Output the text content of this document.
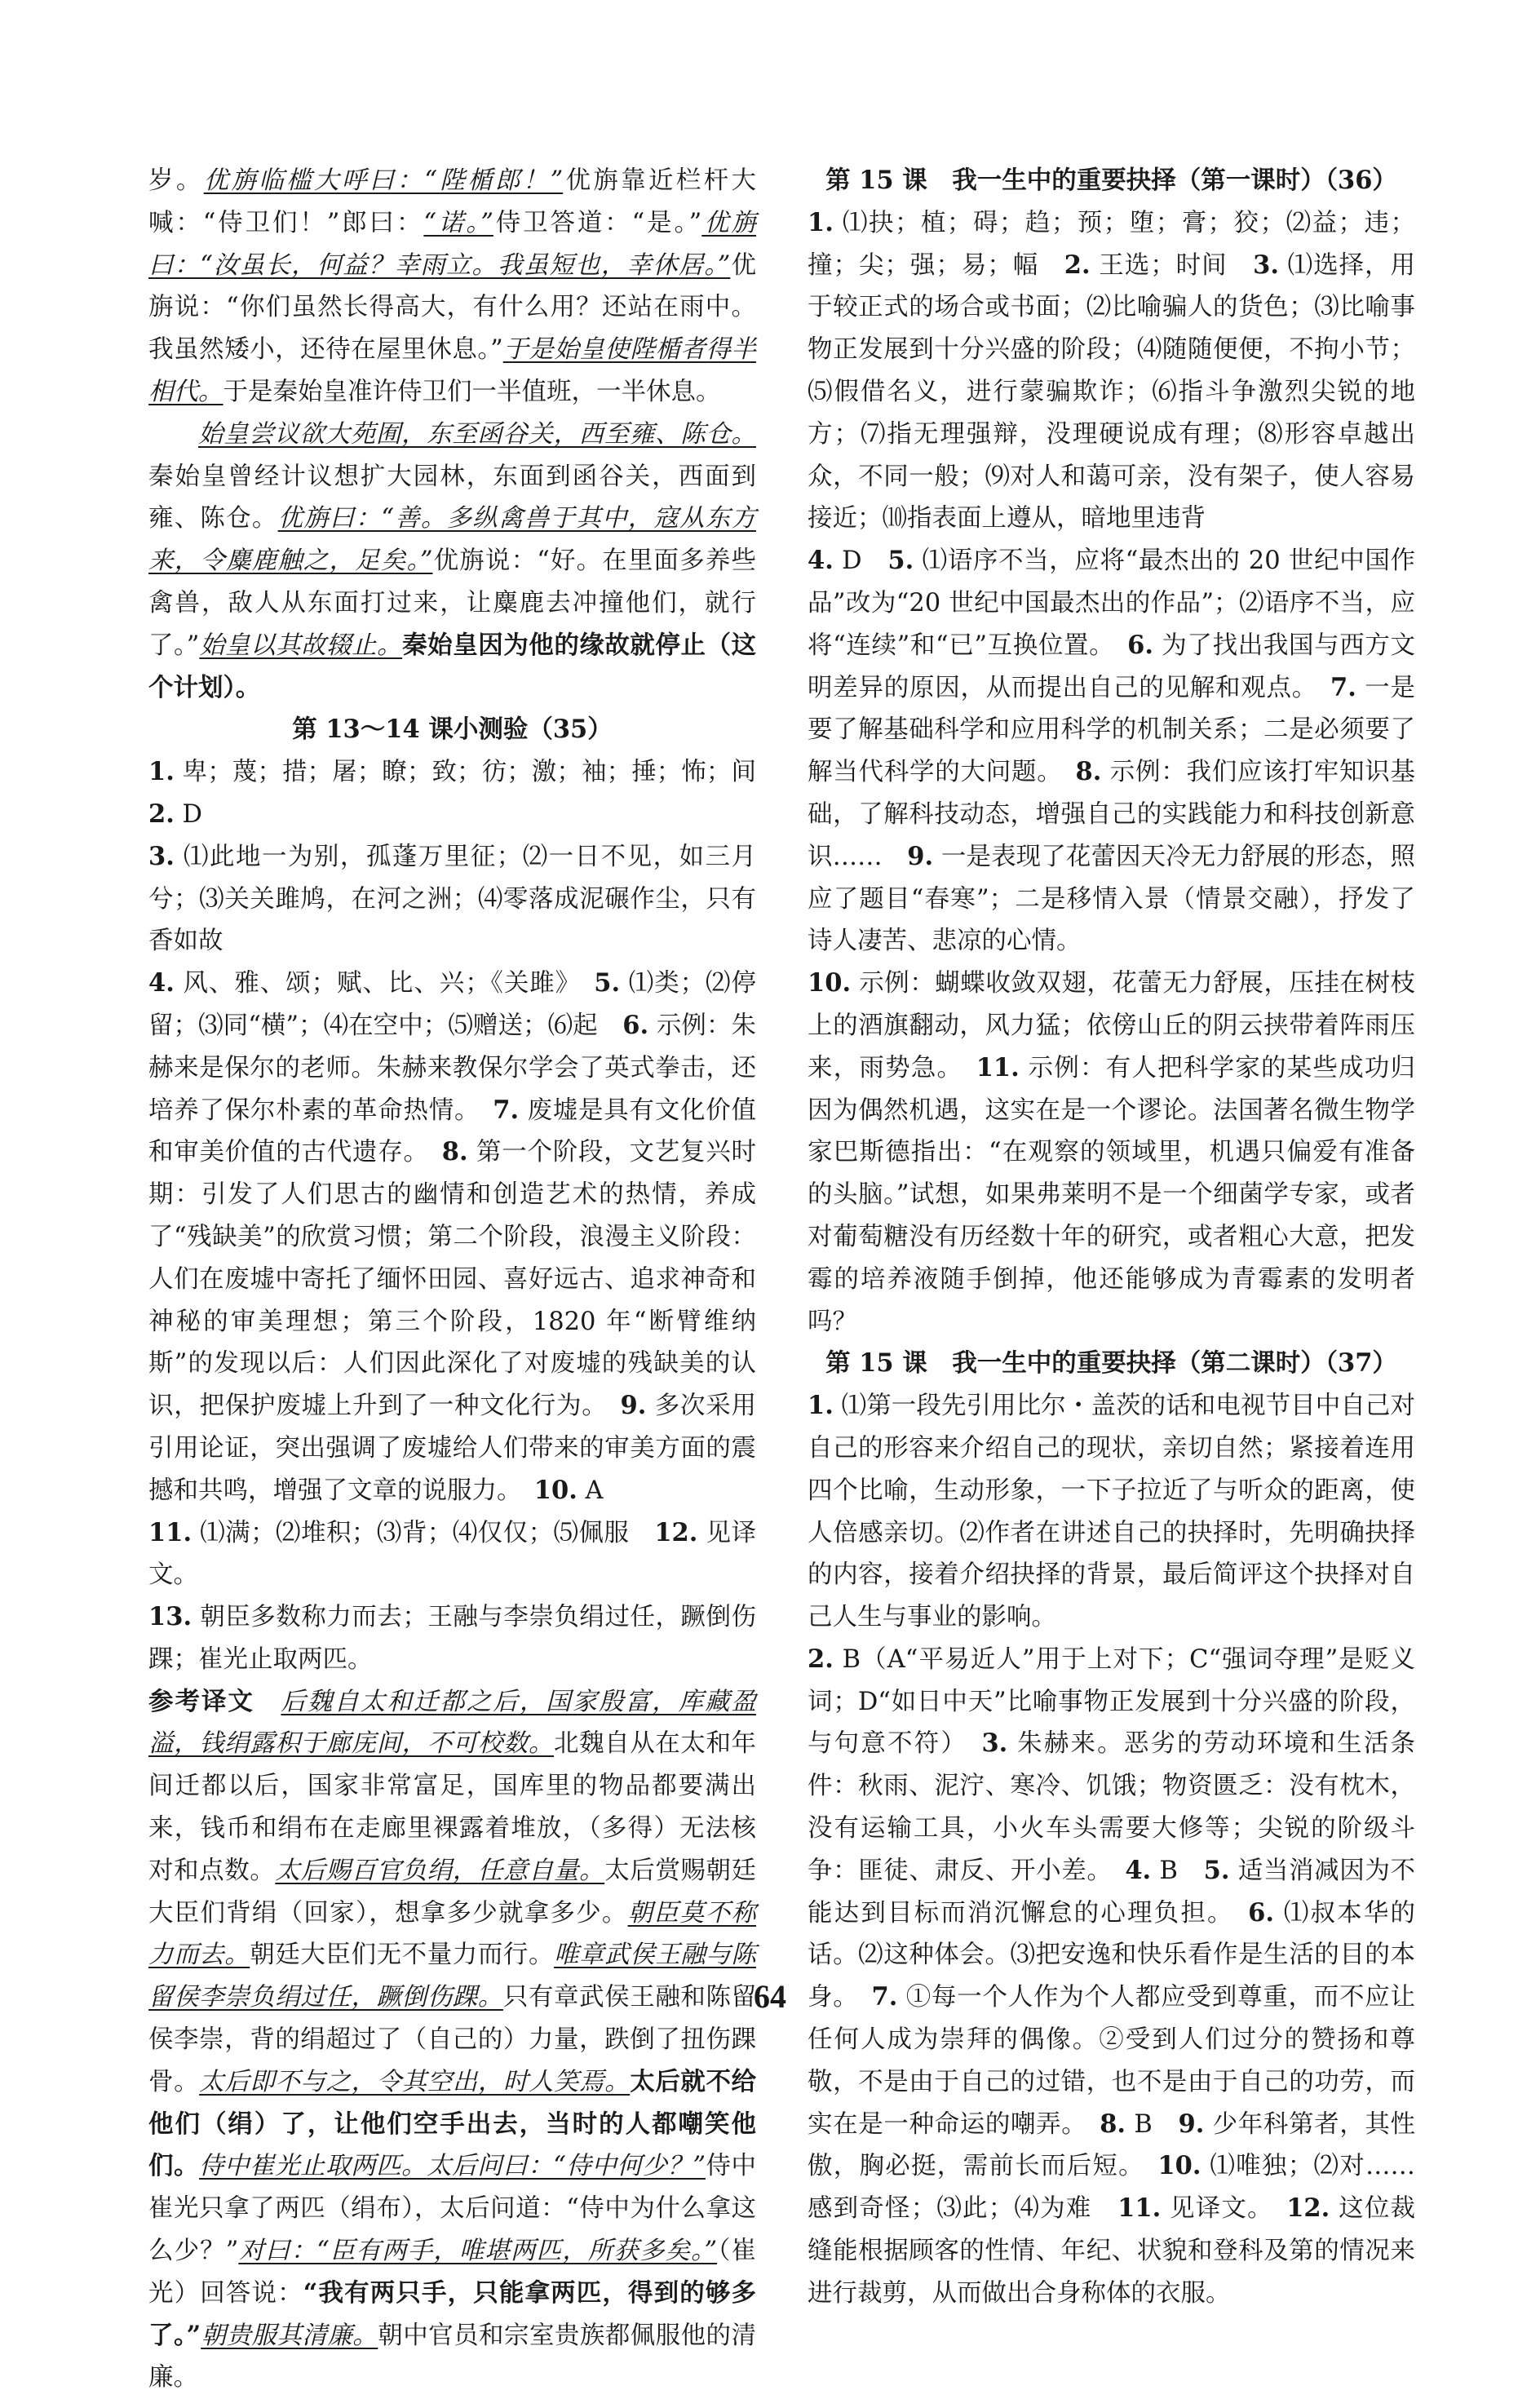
岁。优旃临槛大呼曰：“陛楯郎！”优旃靠近栏杆大喊：“侍卫们！”郎曰：“诺。”侍卫答道：“是。”优旃曰：“汝虽长，何益？幸雨立。我虽短也，幸休居。”优旃说：“你们虽然长得高大，有什么用？还站在雨中。我虽然矮小，还待在屋里休息。”于是始皇使陛楯者得半相代。于是秦始皇准许侍卫们一半值班，一半休息。

始皇尝议欲大苑囿，东至函谷关，西至雍、陈仓。秦始皇曾经计议想扩大园林，东面到函谷关，西面到雍、陈仓。优旃曰：“善。多纵禽兽于其中，寇从东方来，令麋鹿触之，足矣。”优旃说：“好。在里面多养些禽兽，敌人从东面打过来，让麋鹿去冲撞他们，就行了。”始皇以其故辍止。秦始皇因为他的缘故就停止（这个计划）。

第 13～14 课小测验（35）

1. 卑；蔑；措；屠；瞭；致；彷；激；袖；捶；怖；间　2. D

3. ⑴此地一为别，孤蓬万里征；⑵一日不见，如三月兮；⑶关关雎鸠，在河之洲；⑷零落成泥碾作尘，只有香如故

4. 风、雅、颂；赋、比、兴；《关雎》　5. ⑴类；⑵停留；⑶同“横”；⑷在空中；⑸赠送；⑹起　6. 示例：朱赫来是保尔的老师。朱赫来教保尔学会了英式拳击，还培养了保尔朴素的革命热情。　7. 废墟是具有文化价值和审美价值的古代遗存。　8. 第一个阶段，文艺复兴时期：引发了人们思古的幽情和创造艺术的热情，养成了“残缺美”的欣赏习惯；第二个阶段，浪漫主义阶段：人们在废墟中寄托了缅怀田园、喜好远古、追求神奇和神秘的审美理想；第三个阶段，1820 年“断臂维纳斯”的发现以后：人们因此深化了对废墟的残缺美的认识，把保护废墟上升到了一种文化行为。　9. 多次采用引用论证，突出强调了废墟给人们带来的审美方面的震撼和共鸣，增强了文章的说服力。　10. A

11. ⑴满；⑵堆积；⑶背；⑷仅仅；⑸佩服　12. 见译文。

13. 朝臣多数称力而去；王融与李崇负绢过任，蹶倒伤踝；崔光止取两匹。

参考译文　 后魏自太和迁都之后，国家殷富，库藏盈溢，钱绢露积于廊庑间，不可校数。北魏自从在太和年间迁都以后，国家非常富足，国库里的物品都要满出来，钱币和绢布在走廊里裸露着堆放，（多得）无法核对和点数。太后赐百官负绢，任意自量。太后赏赐朝廷大臣们背绢（回家），想拿多少就拿多少。朝臣莫不称力而去。朝廷大臣们无不量力而行。唯章武侯王融与陈留侯李崇负绢过任，蹶倒伤踝。只有章武侯王融和陈留侯李崇，背的绢超过了（自己的）力量，跌倒了扭伤踝骨。太后即不与之，令其空出，时人笑焉。太后就不给他们（绢）了，让他们空手出去，当时的人都嘲笑他们。侍中崔光止取两匹。太后问曰：“侍中何少？”侍中崔光只拿了两匹（绢布），太后问道：“侍中为什么拿这么少？”对曰：“臣有两手，唯堪两匹，所获多矣。”（崔光）回答说：“我有两只手，只能拿两匹，得到的够多了。”朝贵服其清廉。朝中官员和宗室贵族都佩服他的清廉。

第 15 课　我一生中的重要抉择（第一课时）（36）

1. ⑴抉；植；碍；趋；预；堕；膏；狡；⑵益；违；撞；尖；强；易；幅　2. 王选；时间　3. ⑴选择，用于较正式的场合或书面；⑵比喻骗人的货色；⑶比喻事物正发展到十分兴盛的阶段；⑷随随便便，不拘小节；⑸假借名义，进行蒙骗欺诈；⑹指斗争激烈尖锐的地方；⑺指无理强辩，没理硬说成有理；⑻形容卓越出众，不同一般；⑼对人和蔼可亲，没有架子，使人容易接近；⑽指表面上遵从，暗地里违背

4. D　5. ⑴语序不当，应将“最杰出的 20 世纪中国作品”改为“20 世纪中国最杰出的作品”；⑵语序不当，应将“连续”和“已”互换位置。　6. 为了找出我国与西方文明差异的原因，从而提出自己的见解和观点。　7. 一是要了解基础科学和应用科学的机制关系；二是必须要了解当代科学的大问题。　8. 示例：我们应该打牢知识基础，了解科技动态，增强自己的实践能力和科技创新意识……　9. 一是表现了花蕾因天冷无力舒展的形态，照应了题目“春寒”；二是移情入景（情景交融），抒发了诗人凄苦、悲凉的心情。

10. 示例：蝴蝶收敛双翅，花蕾无力舒展，压挂在树枝上的酒旗翻动，风力猛；依傍山丘的阴云挟带着阵雨压来，雨势急。　11. 示例：有人把科学家的某些成功归因为偶然机遇，这实在是一个谬论。法国著名微生物学家巴斯德指出：“在观察的领域里，机遇只偏爱有准备的头脑。”试想，如果弗莱明不是一个细菌学专家，或者对葡萄糖没有历经数十年的研究，或者粗心大意，把发霉的培养液随手倒掉，他还能够成为青霉素的发明者吗？

第 15 课　我一生中的重要抉择（第二课时）（37）

1. ⑴第一段先引用比尔・盖茨的话和电视节目中自己对自己的形容来介绍自己的现状，亲切自然；紧接着连用四个比喻，生动形象，一下子拉近了与听众的距离，使人倍感亲切。⑵作者在讲述自己的抉择时，先明确抉择的内容，接着介绍抉择的背景，最后简评这个抉择对自己人生与事业的影响。

2. B（A“平易近人”用于上对下；C“强词夺理”是贬义词；D“如日中天”比喻事物正发展到十分兴盛的阶段，与句意不符）　3. 朱赫来。恶劣的劳动环境和生活条件：秋雨、泥泞、寒冷、饥饿；物资匮乏：没有枕木，没有运输工具，小火车头需要大修等；尖锐的阶级斗争：匪徒、肃反、开小差。　4. B　5. 适当消减因为不能达到目标而消沉懈怠的心理负担。　6. ⑴叔本华的话。⑵这种体会。⑶把安逸和快乐看作是生活的目的本身。　7. ①每一个人作为个人都应受到尊重，而不应让任何人成为崇拜的偶像。②受到人们过分的赞扬和尊敬，不是由于自己的过错，也不是由于自己的功劳，而实在是一种命运的嘲弄。　8. B　9. 少年科第者，其性傲，胸必挺，需前长而后短。　10. ⑴唯独；⑵对……感到奇怪；⑶此；⑷为难　11. 见译文。　12. 这位裁缝能根据顾客的性情、年纪、状貌和登科及第的情况来进行裁剪，从而做出合身称体的衣服。

64
